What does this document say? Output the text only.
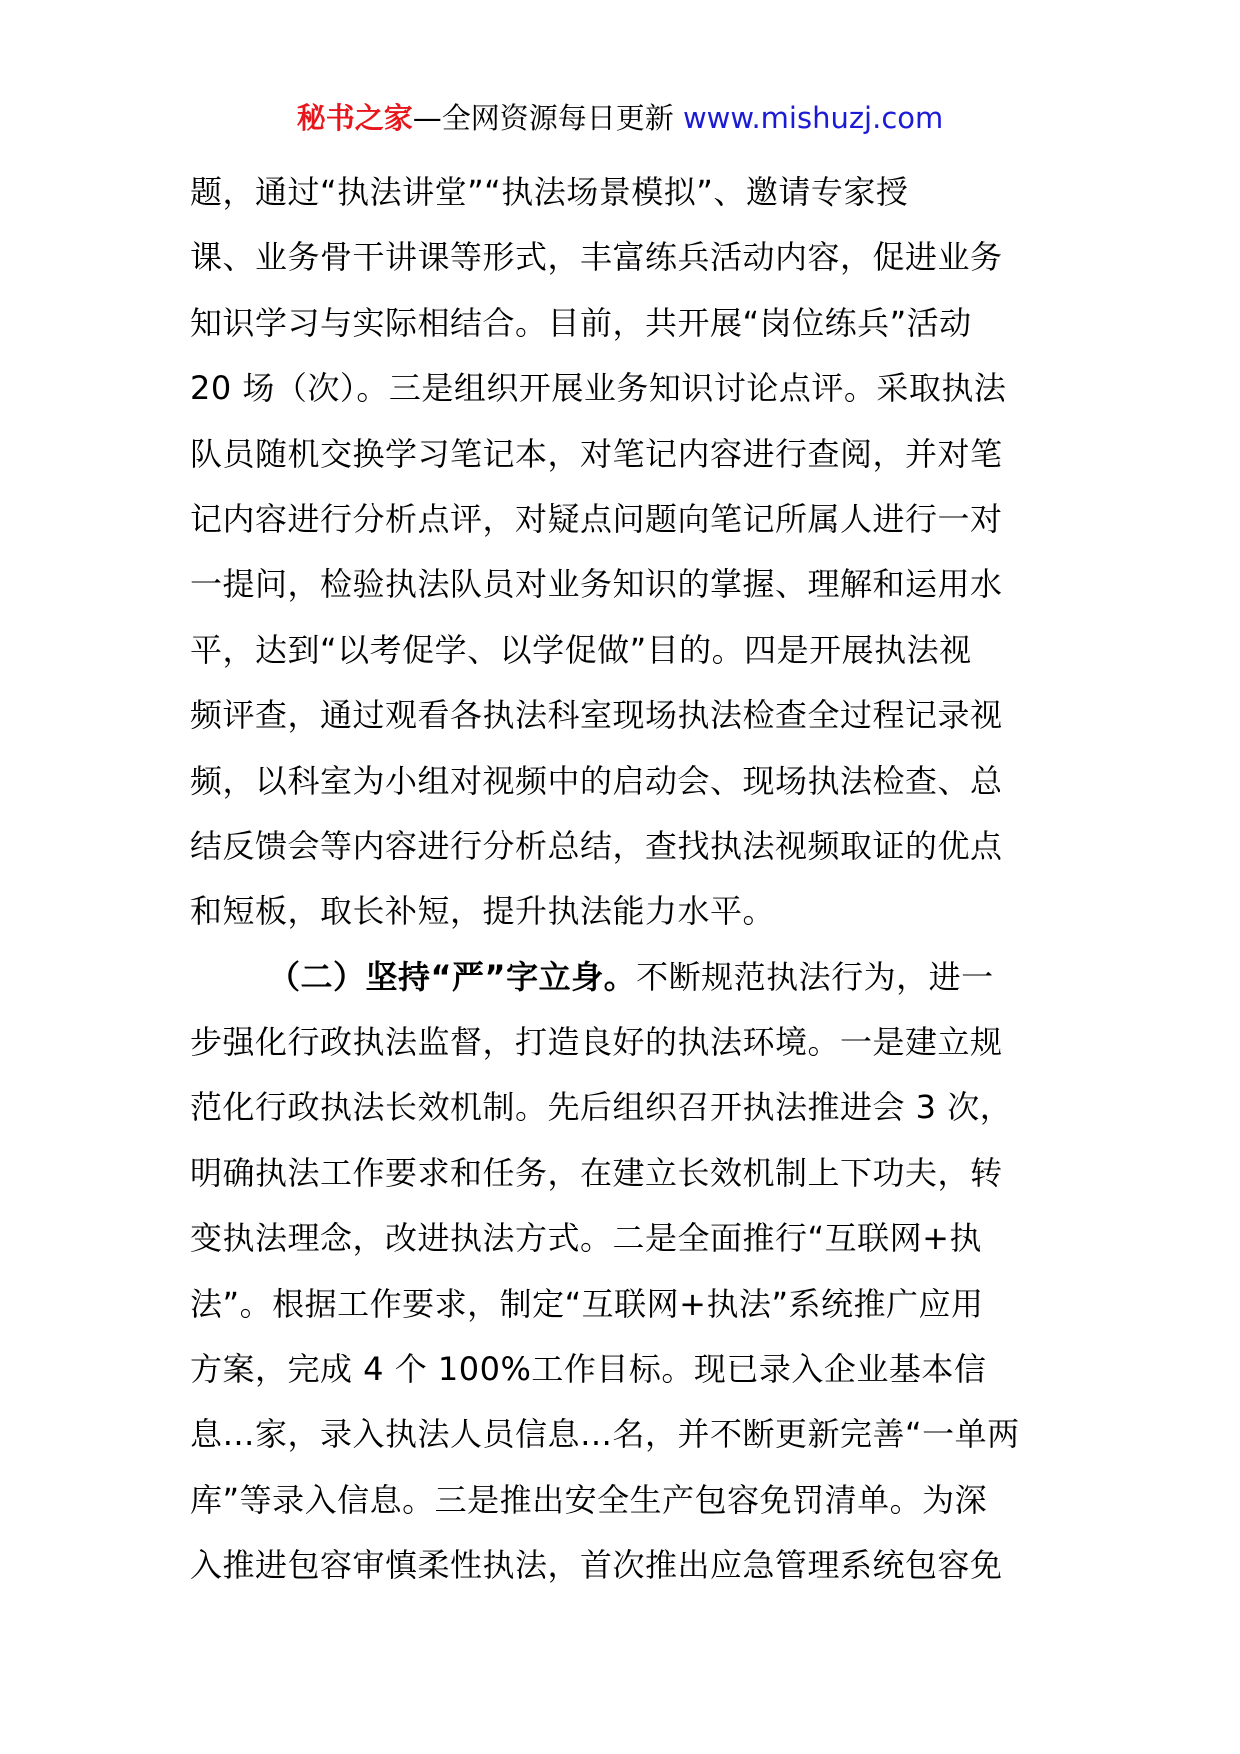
秘书之家—全网资源每日更新 www.mishuzj.com
题，通过“执法讲堂”“执法场景模拟”、邀请专家授
课、业务骨干讲课等形式，丰富练兵活动内容，促进业务
知识学习与实际相结合。目前，共开展“岗位练兵”活动
20 场（次）。三是组织开展业务知识讨论点评。采取执法
队员随机交换学习笔记本，对笔记内容进行查阅，并对笔
记内容进行分析点评，对疑点问题向笔记所属人进行一对
一提问，检验执法队员对业务知识的掌握、理解和运用水
平，达到“以考促学、以学促做”目的。四是开展执法视
频评查，通过观看各执法科室现场执法检查全过程记录视
频，以科室为小组对视频中的启动会、现场执法检查、总
结反馈会等内容进行分析总结，查找执法视频取证的优点
和短板，取长补短，提升执法能力水平。
（二）坚持“严”字立身。不断规范执法行为，进一
步强化行政执法监督，打造良好的执法环境。一是建立规
范化行政执法长效机制。先后组织召开执法推进会 3 次，
明确执法工作要求和任务，在建立长效机制上下功夫，转
变执法理念，改进执法方式。二是全面推行“互联网+执
法”。根据工作要求，制定“互联网+执法”系统推广应用
方案，完成 4 个 100%工作目标。现已录入企业基本信
息…家，录入执法人员信息…名，并不断更新完善“一单两
库”等录入信息。三是推出安全生产包容免罚清单。为深
入推进包容审慎柔性执法，首次推出应急管理系统包容免
